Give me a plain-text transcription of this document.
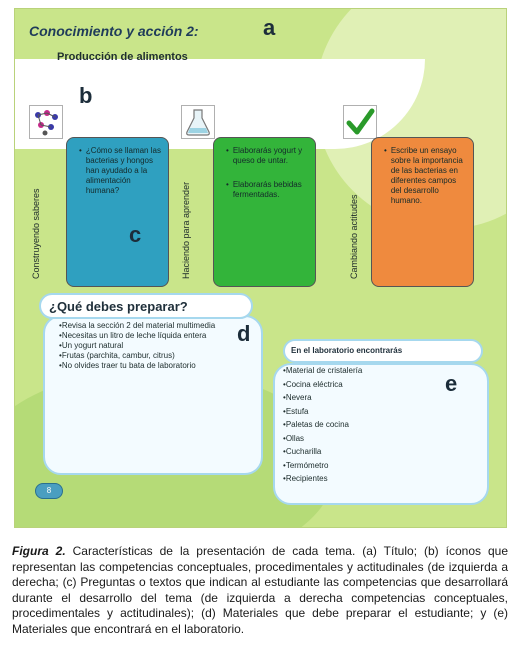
Conocimiento y acción 2:	a
Producción de alimentos
b
Construyendo saberes	Haciendo para aprender	Cambiando actitudes
• ¿Cómo se llaman las bacterias y hongos han ayudado a la alimentación humana?
c
• Elaborarás yogurt y queso de untar.
• Elaborarás bebidas fermentadas.
• Escribe un ensayo sobre la importancia de las bacterias en diferentes campos del desarrollo humano.
¿Qué debes preparar?
d
•Revisa la sección 2 del material multimedia
•Necesitas un litro de leche líquida entera
•Un yogurt natural
•Frutas (parchita, cambur, citrus)
•No olvides traer tu bata de laboratorio
En el laboratorio encontrarás
e
•Material de cristalería
•Cocina eléctrica
•Nevera
•Estufa
•Paletas de cocina
•Ollas
•Cucharilla
•Termómetro
•Recipientes
8
Figura 2. Características de la presentación de cada tema. (a) Título; (b) íconos que representan las competencias conceptuales, procedimentales y actitudinales (de izquierda a derecha; (c) Preguntas o textos que indican al estudiante las competencias que desarrollará durante el desarrollo del tema (de izquierda a derecha competencias conceptuales, procedimentales y actitudinales); (d) Materiales que debe preparar el estudiante; y (e) Materiales que encontrará en el laboratorio.
